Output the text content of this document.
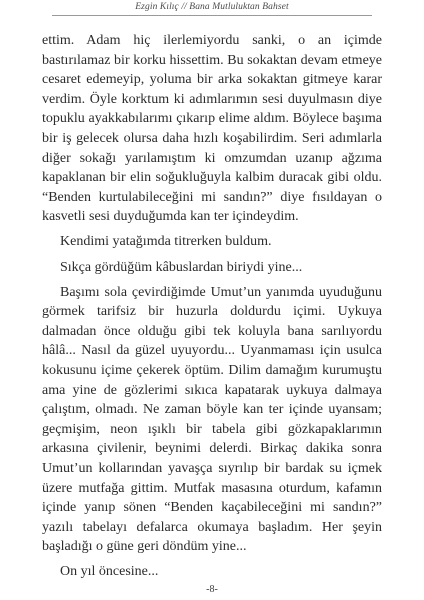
Ezgin Kılıç // Bana Mutluluktan Bahset

ettim. Adam hiç ilerlemiyordu sanki, o an içimde bastırılamaz bir korku hissettim. Bu sokaktan devam etmeye cesaret edemeyip, yoluma bir arka sokaktan gitmeye karar verdim. Öyle korktum ki adımlarımın sesi duyulmasın diye topuklu ayakkabılarımı çıkarıp elime aldım. Böylece başıma bir iş gelecek olursa daha hızlı koşabilirdim. Seri adımlarla diğer sokağı yarılamıştım ki omzumdan uzanıp ağzıma kapaklanan bir elin soğukluğuyla kalbim duracak gibi oldu. “Benden kurtulabileceğini mi sandın?” diye fısıldayan o kasvetli sesi duyduğumda kan ter içindeydim.

Kendimi yatağımda titrerken buldum.

Sıkça gördüğüm kâbuslardan biriydi yine...

Başımı sola çevirdiğimde Umut’un yanımda uyuduğunu görmek tarifsiz bir huzurla doldurdu içimi. Uykuya dalmadan önce olduğu gibi tek koluyla bana sarılıyordu hâlâ... Nasıl da güzel uyuyordu... Uyanmaması için usulca kokusunu içime çekerek öptüm. Dilim damağım kurumuştu ama yine de gözlerimi sıkıca kapatarak uykuya dalmaya çalıştım, olmadı. Ne zaman böyle kan ter içinde uyansam; geçmişim, neon ışıklı bir tabela gibi gözkapaklarımın arkasına çivilenir, beynimi delerdi. Birkaç dakika sonra Umut’un kollarından yavaşça sıyrılıp bir bardak su içmek üzere mutfağa gittim. Mutfak masasına oturdum, kafamın içinde yanıp sönen “Benden kaçabileceğini mi sandın?” yazılı tabelayı defalarca okumaya başladım. Her şeyin başladığı o güne geri döndüm yine...

On yıl öncesine...

-8-
